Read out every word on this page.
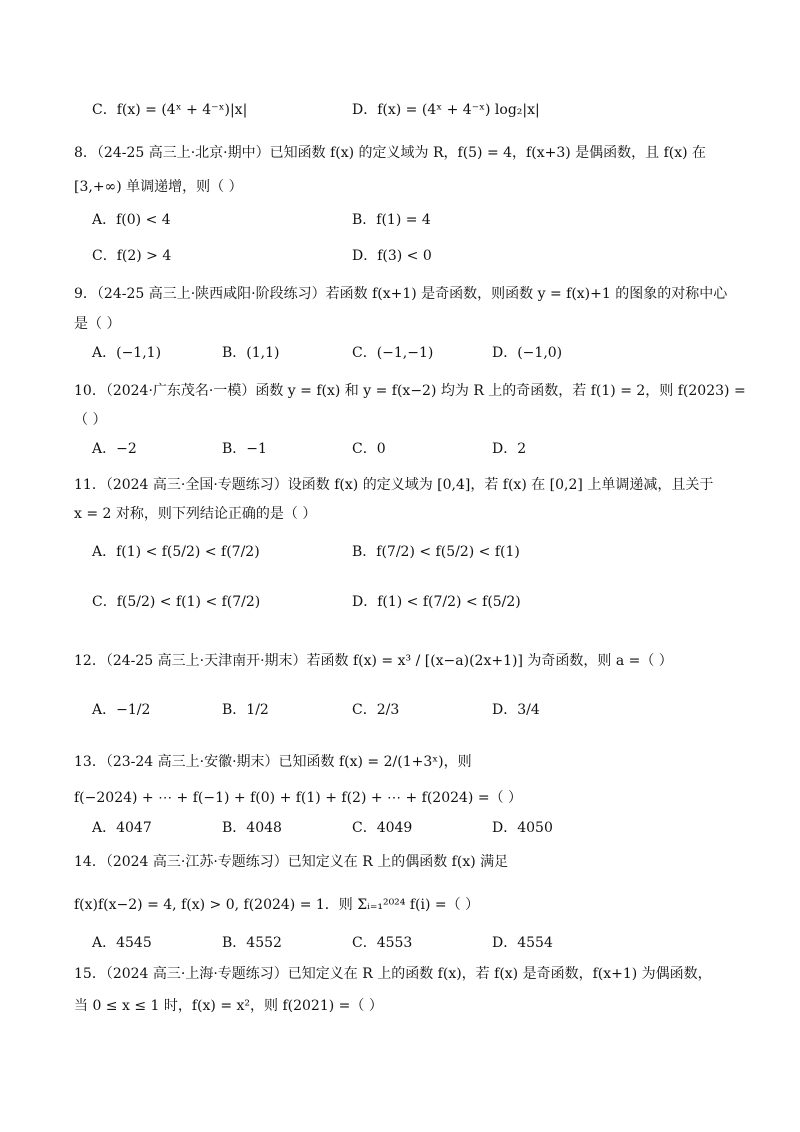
C．f(x) = (4ˣ + 4⁻ˣ)|x|	D．f(x) = (4ˣ + 4⁻ˣ) log₂|x|
8．（24-25 高三上·北京·期中）已知函数 f(x) 的定义域为 R，f(5) = 4，f(x+3) 是偶函数，且 f(x) 在
[3,+∞) 单调递增，则（ ）
A．f(0) < 4	B．f(1) = 4
C．f(2) > 4	D．f(3) < 0
9．（24-25 高三上·陕西咸阳·阶段练习）若函数 f(x+1) 是奇函数，则函数 y = f(x)+1 的图象的对称中心
是（ ）
A．(−1,1)	B．(1,1)	C．(−1,−1)	D．(−1,0)
10．（2024·广东茂名·一模）函数 y = f(x) 和 y = f(x−2) 均为 R 上的奇函数，若 f(1) = 2，则 f(2023) =
（ ）
A．−2	B．−1	C．0	D．2
11．（2024 高三·全国·专题练习）设函数 f(x) 的定义域为 [0,4]，若 f(x) 在 [0,2] 上单调递减，且关于
x = 2 对称，则下列结论正确的是（ ）
A．f(1) < f(5/2) < f(7/2)	B．f(7/2) < f(5/2) < f(1)
C．f(5/2) < f(1) < f(7/2)	D．f(1) < f(7/2) < f(5/2)
12．（24-25 高三上·天津南开·期末）若函数 f(x) = x³ / [(x−a)(2x+1)] 为奇函数，则 a =（ ）
A．−1/2	B．1/2	C．2/3	D．3/4
13．（23-24 高三上·安徽·期末）已知函数 f(x) = 2/(1+3ˣ)，则
f(−2024) + ⋯ + f(−1) + f(0) + f(1) + f(2) + ⋯ + f(2024) =（ ）
A．4047	B．4048	C．4049	D．4050
14．（2024 高三·江苏·专题练习）已知定义在 R 上的偶函数 f(x) 满足
f(x)f(x−2) = 4, f(x) > 0, f(2024) = 1．则 Σᵢ₌₁²⁰²⁴ f(i) =（ ）
A．4545	B．4552	C．4553	D．4554
15．（2024 高三·上海·专题练习）已知定义在 R 上的函数 f(x)，若 f(x) 是奇函数，f(x+1) 为偶函数，
当 0 ≤ x ≤ 1 时，f(x) = x²，则 f(2021) =（ ）
